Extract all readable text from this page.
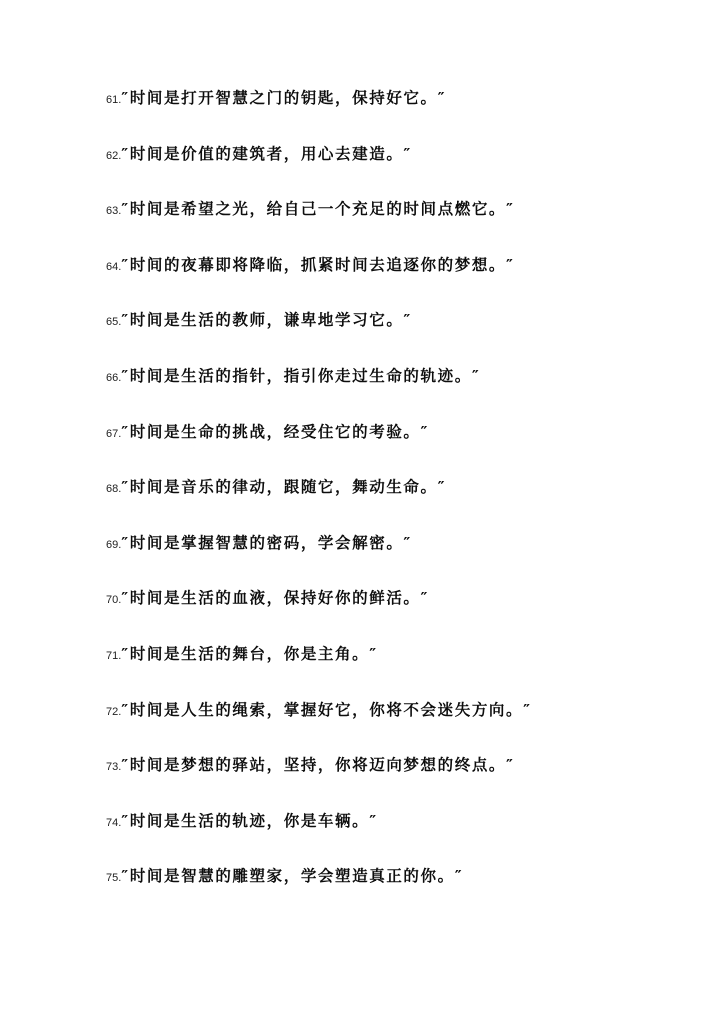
61. ″时间是打开智慧之门的钥匙，保持好它。″
62. ″时间是价值的建筑者，用心去建造。″
63. ″时间是希望之光，给自己一个充足的时间点燃它。″
64. ″时间的夜幕即将降临，抓紧时间去追逐你的梦想。″
65. ″时间是生活的教师，谦卑地学习它。″
66. ″时间是生活的指针，指引你走过生命的轨迹。″
67. ″时间是生命的挑战，经受住它的考验。″
68. ″时间是音乐的律动，跟随它，舞动生命。″
69. ″时间是掌握智慧的密码，学会解密。″
70. ″时间是生活的血液，保持好你的鲜活。″
71. ″时间是生活的舞台，你是主角。″
72. ″时间是人生的绳索，掌握好它，你将不会迷失方向。″
73. ″时间是梦想的驿站，坚持，你将迈向梦想的终点。″
74. ″时间是生活的轨迹，你是车辆。″
75. ″时间是智慧的雕塑家，学会塑造真正的你。″
